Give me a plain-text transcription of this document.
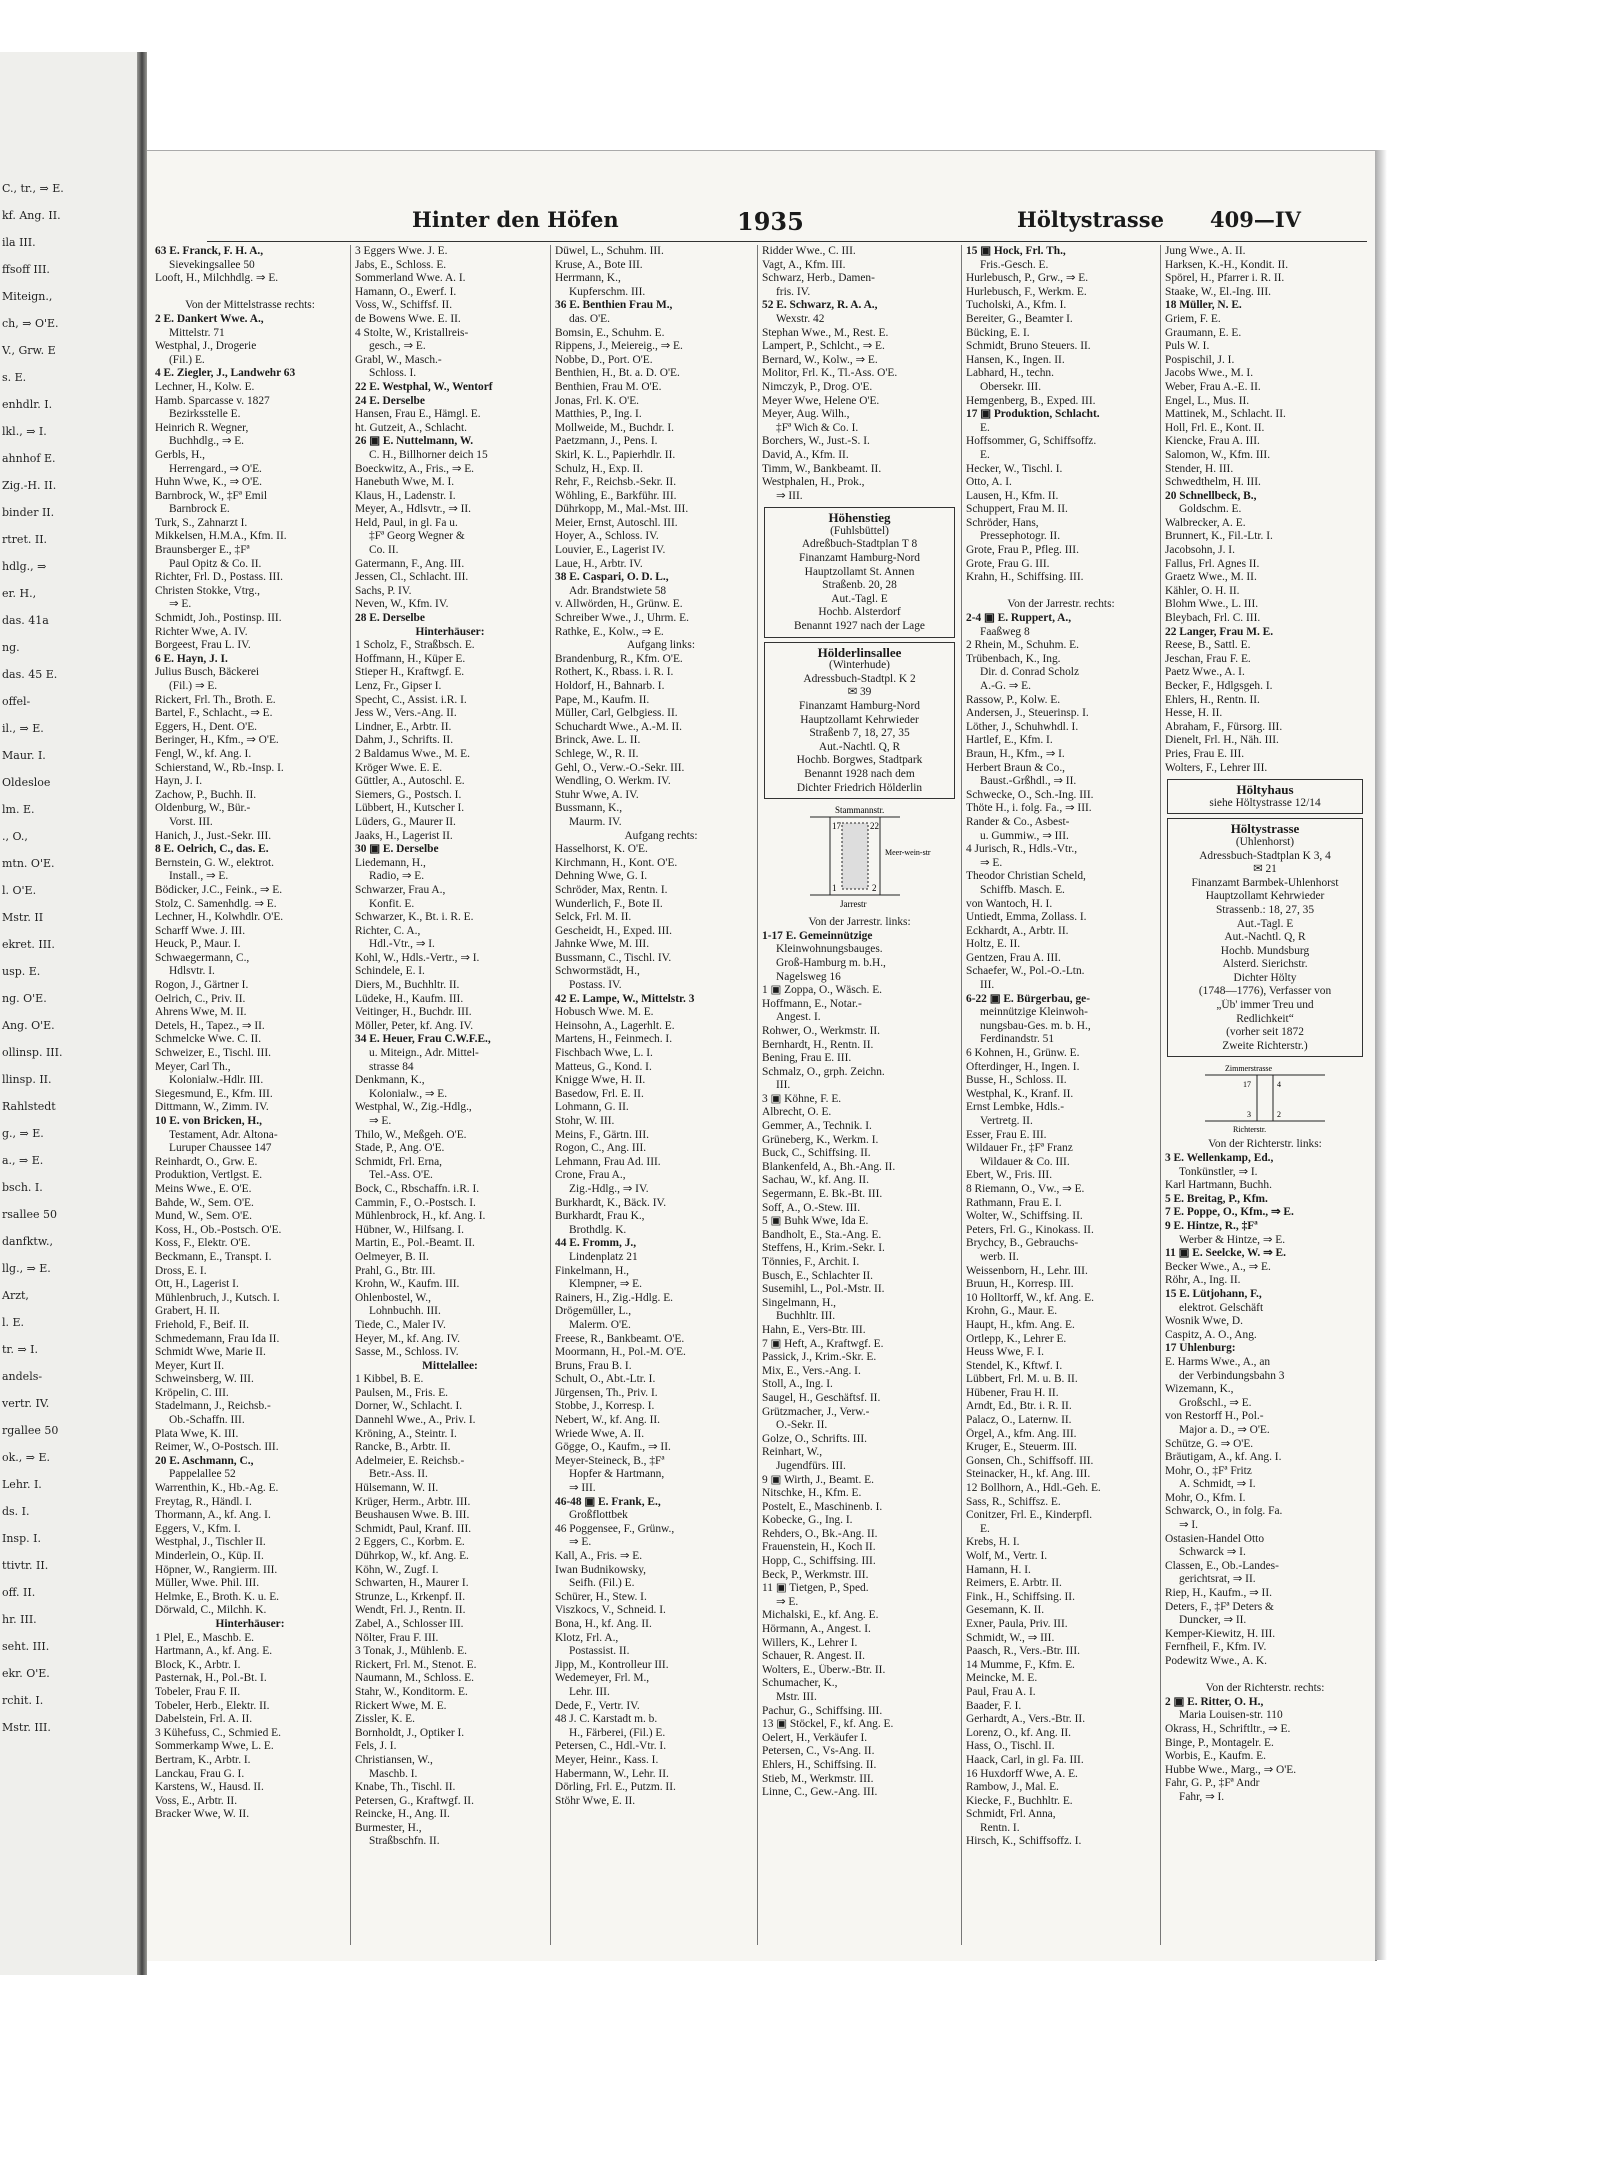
C., tr., ⇒ E.
kf. Ang. II.
ila III.
ffsoff III.
Miteign.,
ch, ⇒ O'E.
V., Grw. E
s. E.
enhdlr. I.
lkl., ⇒ I.
ahnhof E.
Zig.-H. II.
binder II.
rtret. II.
hdlg., ⇒
er. H.,
das. 41a
ng.
das. 45 E.
offel-
il., ⇒ E.
Maur. I.
Oldesloe
lm. E.
., O.,
mtn. O'E.
l. O'E.
Mstr. II
ekret. III.
usp. E.
ng. O'E.
Ang. O'E.
ollinsp. III.
llinsp. II.
Rahlstedt
g., ⇒ E.
a., ⇒ E.
bsch. I.
rsallee 50
danfktw.,
llg., ⇒ E.
Arzt,
l. E.
tr. ⇒ I.
andels-
vertr. IV.
rgallee 50
ok., ⇒ E.
Lehr. I.
ds. I.
Insp. I.
ttivtr. II.
off. II.
hr. III.
seht. III.
ekr. O'E.
rchit. I.
Mstr. III.
Hinter den Höfen	1935	Höltystrasse 409—IV
63 E. Franck, F. H. A.,
Sievekingsallee 50
Looft, H., Milchhdlg. ⇒ E.

Von der Mittelstrasse rechts:
2 E. Dankert Wwe. A.,
Mittelstr. 71
Westphal, J., Drogerie
(Fil.) E.
4 E. Ziegler, J., Landwehr 63
Lechner, H., Kolw. E.
Hamb. Sparcasse v. 1827
Bezirksstelle E.
Heinrich R. Wegner,
Buchhdlg., ⇒ E.
Gerbls, H.,
Herrengard., ⇒ O'E.
Huhn Wwe, K., ⇒ O'E.
Barnbrock, W., ‡Fª Emil
Barnbrock E.
Turk, S., Zahnarzt I.
Mikkelsen, H.M.A., Kfm. II.
Braunsberger E., ‡Fª
Paul Opitz & Co. II.
Richter, Frl. D., Postass. III.
Christen Stokke, Vtrg.,
⇒ E.
Schmidt, Joh., Postinsp. III.
Richter Wwe, A. IV.
Borgeest, Frau L. IV.
6 E. Hayn, J. I.
Julius Busch, Bäckerei
(Fil.) ⇒ E.
Rickert, Frl. Th., Broth. E.
Bartel, F., Schlacht., ⇒ E.
Eggers, H., Dent. O'E.
Beringer, H., Kfm., ⇒ O'E.
Fengl, W., kf. Ang. I.
Schierstand, W., Rb.-Insp. I.
Hayn, J. I.
Zachow, P., Buchh. II.
Oldenburg, W., Bür.-
Vorst. III.
Hanich, J., Just.-Sekr. III.
8 E. Oelrich, C., das. E.
Bernstein, G. W., elektrot.
Install., ⇒ E.
Bödicker, J.C., Feink., ⇒ E.
Stolz, C. Samenhdlg. ⇒ E.
Lechner, H., Kolwhdlr. O'E.
Scharff Wwe. J. III.
Heuck, P., Maur. I.
Schwaegermann, C.,
Hdlsvtr. I.
Rogon, J., Gärtner I.
Oelrich, C., Priv. II.
Ahrens Wwe, M. II.
Detels, H., Tapez., ⇒ II.
Schmelcke Wwe. C. II.
Schweizer, E., Tischl. III.
Meyer, Carl Th.,
Kolonialw.-Hdlr. III.
Siegesmund, E., Kfm. III.
Dittmann, W., Zimm. IV.
10 E. von Bricken, H.,
Testament, Adr. Altona-
Luruper Chaussee 147
Reinhardt, O., Grw. E.
Produktion, Vertlgst. E.
Meins Wwe., E. O'E.
Bahde, W., Sem. O'E.
Mund, W., Sem. O'E.
Koss, H., Ob.-Postsch. O'E.
Koss, F., Elektr. O'E.
Beckmann, E., Transpt. I.
Dross, E. I.
Ott, H., Lagerist I.
Mühlenbruch, J., Kutsch. I.
Grabert, H. II.
Friehold, F., Beif. II.
Schmedemann, Frau Ida II.
Schmidt Wwe, Marie II.
Meyer, Kurt II.
Schweinsberg, W. III.
Kröpelin, C. III.
Stadelmann, J., Reichsb.-
Ob.-Schaffn. III.
Plata Wwe, K. III.
Reimer, W., O-Postsch. III.
20 E. Aschmann, C.,
Pappelallee 52
Warrenthin, K., Hb.-Ag. E.
Freytag, R., Händl. I.
Thormann, A., kf. Ang. I.
Eggers, V., Kfm. I.
Westphal, J., Tischler II.
Minderlein, O., Küp. II.
Höpner, W., Rangierm. III.
Müller, Wwe. Phil. III.
Helmke, E., Broth. K. u. E.
Dörwald, C., Milchh. K.
Hinterhäuser:
1 Plel, E., Maschb. E.
Hartmann, A., kf. Ang. E.
Block, K., Arbtr. I.
Pasternak, H., Pol.-Bt. I.
Tobeler, Frau F. II.
Tobeler, Herb., Elektr. II.
Dabelstein, Frl. A. II.
3 Kühefuss, C., Schmied E.
Sommerkamp Wwe, L. E.
Bertram, K., Arbtr. I.
Lanckau, Frau G. I.
Karstens, W., Hausd. II.
Voss, E., Arbtr. II.
Bracker Wwe, W. II.
3 Eggers Wwe. J. E.
Jabs, E., Schloss. E.
Sommerland Wwe. A. I.
Hamann, O., Ewerf. I.
Voss, W., Schiffsf. II.
de Bowens Wwe. E. II.
4 Stolte, W., Kristallreis-
gesch., ⇒ E.
Grabl, W., Masch.-
Schloss. I.
22 E. Westphal, W., Wentorf
24 E. Derselbe
Hansen, Frau E., Hämgl. E.
ht. Gutzeit, A., Schlacht.
26 ▣ E. Nuttelmann, W.
C. H., Billhorner deich 15
Boeckwitz, A., Fris., ⇒ E.
Hanebuth Wwe, M. I.
Klaus, H., Ladenstr. I.
Meyer, A., Hdlsvtr., ⇒ II.
Held, Paul, in gl. Fa u.
‡Fª Georg Wegner &
Co. II.
Gatermann, F., Ang. III.
Jessen, Cl., Schlacht. III.
Sachs, P. IV.
Neven, W., Kfm. IV.
28 E. Derselbe
Hinterhäuser:
1 Scholz, F., Straßbsch. E.
Hoffmann, H., Küper E.
Stieper H., Kraftwgf. E.
Lenz, Fr., Gipser I.
Specht, C., Assist. i.R. I.
Jess W., Vers.-Ang. II.
Lindner, E., Arbtr. II.
Dahm, J., Schrifts. II.
2 Baldamus Wwe., M. E.
Kröger Wwe. E. E.
Güttler, A., Autoschl. E.
Siemers, G., Postsch. I.
Lübbert, H., Kutscher I.
Lüders, G., Maurer II.
Jaaks, H., Lagerist II.
30 ▣ E. Derselbe
Liedemann, H.,
Radio, ⇒ E.
Schwarzer, Frau A.,
Konfit. E.
Schwarzer, K., Bt. i. R. E.
Richter, C. A.,
Hdl.-Vtr., ⇒ I.
Kohl, W., Hdls.-Vertr., ⇒ I.
Schindele, E. I.
Diers, M., Buchhltr. II.
Lüdeke, H., Kaufm. III.
Veitinger, H., Buchdr. III.
Möller, Peter, kf. Ang. IV.
34 E. Heuer, Frau C.W.F.E.,
u. Miteign., Adr. Mittel-
strasse 84
Denkmann, K.,
Kolonialw., ⇒ E.
Westphal, W., Zig.-Hdlg.,
⇒ E.
Thilo, W., Meßgeh. O'E.
Stade, P., Ang. O'E.
Schmidt, Frl. Erna,
Tel.-Ass. O'E.
Bock, C., Rbschaffn. i.R. I.
Cammin, F., O.-Postsch. I.
Mühlenbrock, H., kf. Ang. I.
Hübner, W., Hilfsang. I.
Martin, E., Pol.-Beamt. II.
Oelmeyer, B. II.
Prahl, G., Btr. III.
Krohn, W., Kaufm. III.
Ohlenbostel, W.,
Lohnbuchh. III.
Tiede, C., Maler IV.
Heyer, M., kf. Ang. IV.
Sasse, M., Schloss. IV.
Mittelallee:
1 Kibbel, B. E.
Paulsen, M., Fris. E.
Dorner, W., Schlacht. I.
Dannehl Wwe., A., Priv. I.
Kröning, A., Steintr. I.
Rancke, B., Arbtr. II.
Adelmeier, E. Reichsb.-
Betr.-Ass. II.
Hülsemann, W. II.
Krüger, Herm., Arbtr. III.
Beushausen Wwe. B. III.
Schmidt, Paul, Kranf. III.
2 Eggers, C., Korbm. E.
Dührkop, W., kf. Ang. E.
Köhn, W., Zugf. I.
Schwarten, H., Maurer I.
Strunze, L., Krkenpf. II.
Wendt, Frl. J., Rentn. II.
Zabel, A., Schlosser III.
Nölter, Frau F. III.
3 Tonak, J., Mühlenb. E.
Rickert, Frl. M., Stenot. E.
Naumann, M., Schloss. E.
Stahr, W., Konditorm. E.
Rickert Wwe, M. E.
Zissler, K. E.
Bornholdt, J., Optiker I.
Fels, J. I.
Christiansen, W.,
Maschb. I.
Knabe, Th., Tischl. II.
Petersen, G., Kraftwgf. II.
Reincke, H., Ang. II.
Burmester, H.,
Straßbschfn. II.
Düwel, L., Schuhm. III.
Kruse, A., Bote III.
Herrmann, K.,
Kupferschm. III.
36 E. Benthien Frau M.,
das. O'E.
Bomsin, E., Schuhm. E.
Rippens, J., Meiereig., ⇒ E.
Nobbe, D., Port. O'E.
Benthien, H., Bt. a. D. O'E.
Benthien, Frau M. O'E.
Jonas, Frl. K. O'E.
Matthies, P., Ing. I.
Mollweide, M., Buchdr. I.
Paetzmann, J., Pens. I.
Skirl, K. L., Papierhdlr. II.
Schulz, H., Exp. II.
Rehr, F., Reichsb.-Sekr. II.
Wöhling, E., Barkführ. III.
Dührkopp, M., Mal.-Mst. III.
Meier, Ernst, Autoschl. III.
Hoyer, A., Schloss. IV.
Louvier, E., Lagerist IV.
Laue, H., Arbtr. IV.
38 E. Caspari, O. D. L.,
Adr. Brandstwiete 58
v. Allwörden, H., Grünw. E.
Schreiber Wwe., J., Uhrm. E.
Rathke, E., Kolw., ⇒ E.
Aufgang links:
Brandenburg, R., Kfm. O'E.
Rothert, K., Rbass. i. R. I.
Holdorf, H., Bahnarb. I.
Pape, M., Kaufm. II.
Müller, Carl, Gelbgiess. II.
Schuchardt Wwe., A.-M. II.
Brinck, Awe. L. II.
Schlege, W., R. II.
Gehl, O., Verw.-O.-Sekr. III.
Wendling, O. Werkm. IV.
Stuhr Wwe, A. IV.
Bussmann, K.,
Maurm. IV.
Aufgang rechts:
Hasselhorst, K. O'E.
Kirchmann, H., Kont. O'E.
Dehning Wwe, G. I.
Schröder, Max, Rentn. I.
Wunderlich, F., Bote II.
Selck, Frl. M. II.
Gescheidt, H., Exped. III.
Jahnke Wwe, M. III.
Bussmann, C., Tischl. IV.
Schwormstädt, H.,
Postass. IV.
42 E. Lampe, W., Mittelstr. 3
Hobusch Wwe. M. E.
Heinsohn, A., Lagerhlt. E.
Martens, H., Feinmech. I.
Fischbach Wwe, L. I.
Matteus, G., Kond. I.
Knigge Wwe, H. II.
Basedow, Frl. E. II.
Lohmann, G. II.
Stohr, W. III.
Meins, F., Gärtn. III.
Rogon, C., Ang. III.
Lehmann, Frau Ad. III.
Crone, Frau A.,
Zig.-Hdlg., ⇒ IV.
Burkhardt, K., Bäck. IV.
Burkhardt, Frau K.,
Brothdlg. K.
44 E. Fromm, J.,
Lindenplatz 21
Finkelmann, H.,
Klempner, ⇒ E.
Rainers, H., Zig.-Hdlg. E.
Drögemüller, L.,
Malerm. O'E.
Freese, R., Bankbeamt. O'E.
Moormann, H., Pol.-M. O'E.
Bruns, Frau B. I.
Schult, O., Abt.-Ltr. I.
Jürgensen, Th., Priv. I.
Stobbe, J., Korresp. I.
Nebert, W., kf. Ang. II.
Wriede Wwe, A. II.
Gögge, O., Kaufm., ⇒ II.
Meyer-Steineck, B., ‡Fª
Hopfer & Hartmann,
⇒ III.
46-48 ▣ E. Frank, E.,
Großflottbek
46 Poggensee, F., Grünw.,
⇒ E.
Kall, A., Fris. ⇒ E.
Iwan Budnikowsky,
Seifh. (Fil.) E.
Schürer, H., Stew. I.
Viszkocs, V., Schneid. I.
Bona, H., kf. Ang. II.
Klotz, Frl. A.,
Postassist. II.
Jipp, M., Kontrolleur III.
Wedemeyer, Frl. M.,
Lehr. III.
Dede, F., Vertr. IV.
48 J. C. Karstadt m. b.
H., Färberei, (Fil.) E.
Petersen, C., Hdl.-Vtr. I.
Meyer, Heinr., Kass. I.
Habermann, W., Lehr. II.
Dörling, Frl. E., Putzm. II.
Stöhr Wwe, E. II.
Ridder Wwe., C. III.
Vagt, A., Kfm. III.
Schwarz, Herb., Damen-
fris. IV.
52 E. Schwarz, R. A. A.,
Wexstr. 42
Stephan Wwe., M., Rest. E.
Lampert, P., Schlcht., ⇒ E.
Bernard, W., Kolw., ⇒ E.
Molitor, Frl. K., Tl.-Ass. O'E.
Nimczyk, P., Drog. O'E.
Meyer Wwe, Helene O'E.
Meyer, Aug. Wilh.,
‡Fª Wich & Co. I.
Borchers, W., Just.-S. I.
David, A., Kfm. II.
Timm, W., Bankbeamt. II.
Westphalen, H., Prok.,
⇒ III.
Höhenstieg
(Fuhlsbüttel)
Adreßbuch-Stadtplan T 8
Finanzamt Hamburg-Nord
Hauptzollamt St. Annen
Straßenb. 20, 28
Aut.-Tagl. E
Hochb. Alsterdorf
Benannt 1927 nach der Lage
Hölderlinsallee
(Winterhude)
Adressbuch-Stadtpl. K 2
✉ 39
Finanzamt Hamburg-Nord
Hauptzollamt Kehrwieder
Straßenb 7, 18, 27, 35
Aut.-Nachtl. Q, R
Hochb. Borgwes, Stadtpark
Benannt 1928 nach dem
Dichter Friedrich Hölderlin
Stammannstr.
17	22
1	2
Meer-wein-str
Jarrestr
Von der Jarrestr. links:
1-17 E. Gemeinnützige
Kleinwohnungsbauges.
Groß-Hamburg m. b.H.,
Nagelsweg 16
1 ▣ Zoppa, O., Wäsch. E.
Hoffmann, E., Notar.-
Angest. I.
Rohwer, O., Werkmstr. II.
Bernhardt, H., Rentn. II.
Bening, Frau E. III.
Schmalz, O., grph. Zeichn.
III.
3 ▣ Köhne, F. E.
Albrecht, O. E.
Gemmer, A., Technik. I.
Grüneberg, K., Werkm. I.
Buck, C., Schiffsing. II.
Blankenfeld, A., Bh.-Ang. II.
Sachau, W., kf. Ang. II.
Segermann, E. Bk.-Bt. III.
Soff, A., O.-Stew. III.
5 ▣ Buhk Wwe, Ida E.
Bandholt, E., Sta.-Ang. E.
Steffens, H., Krim.-Sekr. I.
Tönnies, F., Archit. I.
Busch, E., Schlachter II.
Susemihl, L., Pol.-Mstr. II.
Singelmann, H.,
Buchhltr. III.
Hahn, E., Vers-Btr. III.
7 ▣ Heft, A., Kraftwgf. E.
Passick, J., Krim.-Skr. E.
Mix, E., Vers.-Ang. I.
Stoll, A., Ing. I.
Saugel, H., Geschäftsf. II.
Grützmacher, J., Verw.-
O.-Sekr. II.
Golze, O., Schrifts. III.
Reinhart, W.,
Jugendfürs. III.
9 ▣ Wirth, J., Beamt. E.
Nitschke, H., Kfm. E.
Postelt, E., Maschinenb. I.
Kobecke, G., Ing. I.
Rehders, O., Bk.-Ang. II.
Frauenstein, H., Koch II.
Hopp, C., Schiffsing. III.
Beck, P., Werkmstr. III.
11 ▣ Tietgen, P., Sped.
⇒ E.
Michalski, E., kf. Ang. E.
Hörmann, A., Angest. I.
Willers, K., Lehrer I.
Schauer, R. Angest. II.
Wolters, E., Überw.-Btr. II.
Schumacher, K.,
Mstr. III.
Pachur, G., Schiffsing. III.
13 ▣ Stöckel, F., kf. Ang. E.
Oelert, H., Verkäufer I.
Petersen, C., Vs-Ang. II.
Ehlers, H., Schiffsing. II.
Stieb, M., Werkmstr. III.
Linne, C., Gew.-Ang. III.
15 ▣ Hock, Frl. Th.,
Fris.-Gesch. E.
Hurlebusch, P., Grw., ⇒ E.
Hurlebusch, F., Werkm. E.
Tucholski, A., Kfm. I.
Bereiter, G., Beamter I.
Bücking, E. I.
Schmidt, Bruno Steuers. II.
Hansen, K., Ingen. II.
Labhard, H., techn.
Obersekr. III.
Hemgenberg, B., Exped. III.
17 ▣ Produktion, Schlacht.
E.
Hoffsommer, G, Schiffsoffz.
E.
Hecker, W., Tischl. I.
Otto, A. I.
Lausen, H., Kfm. II.
Schuppert, Frau M. II.
Schröder, Hans,
Pressephotogr. II.
Grote, Frau P., Pfleg. III.
Grote, Frau G. III.
Krahn, H., Schiffsing. III.

Von der Jarrestr. rechts:
2-4 ▣ E. Ruppert, A.,
Faaßweg 8
2 Rhein, M., Schuhm. E.
Trübenbach, K., Ing.
Dir. d. Conrad Scholz
A.-G. ⇒ E.
Rassow, P., Kolw. E.
Andersen, J., Steuerinsp. I.
Löther, J., Schuhwhdl. I.
Hartlef, E., Kfm. I.
Braun, H., Kfm., ⇒ I.
Herbert Braun & Co.,
Baust.-Grßhdl., ⇒ II.
Schwecke, O., Sch.-Ing. III.
Thöte H., i. folg. Fa., ⇒ III.
Rander & Co., Asbest-
u. Gummiw., ⇒ III.
4 Jurisch, R., Hdls.-Vtr.,
⇒ E.
Theodor Christian Scheld,
Schiffb. Masch. E.
von Wantoch, H. I.
Untiedt, Emma, Zollass. I.
Eckhardt, A., Arbtr. II.
Holtz, E. II.
Gentzen, Frau A. III.
Schaefer, W., Pol.-O.-Ltn.
III.
6-22 ▣ E. Bürgerbau, ge-
meinnützige Kleinwoh-
nungsbau-Ges. m. b. H.,
Ferdinandstr. 51
6 Kohnen, H., Grünw. E.
Ofterdinger, H., Ingen. I.
Busse, H., Schloss. II.
Westphal, K., Kranf. II.
Ernst Lembke, Hdls.-
Vertretg. II.
Esser, Frau E. III.
Wildauer Fr., ‡Fª Franz
Wildauer & Co. III.
Ebert, W., Fris. III.
8 Riemann, O., Vw., ⇒ E.
Rathmann, Frau E. I.
Wolter, W., Schiffsing. II.
Peters, Frl. G., Kinokass. II.
Brychcy, B., Gebrauchs-
werb. II.
Weissenborn, H., Lehr. III.
Bruun, H., Korresp. III.
10 Holltorff, W., kf. Ang. E.
Krohn, G., Maur. E.
Haupt, H., kfm. Ang. E.
Ortlepp, K., Lehrer E.
Heuss Wwe, F. I.
Stendel, K., Kftwf. I.
Lübbert, Frl. M. u. B. II.
Hübener, Frau H. II.
Arndt, Ed., Btr. i. R. II.
Palacz, O., Laternw. II.
Örgel, A., kfm. Ang. III.
Kruger, E., Steuerm. III.
Gonsen, Ch., Schiffsoff. III.
Steinacker, H., kf. Ang. III.
12 Bollhorn, A., Hdl.-Geh. E.
Sass, R., Schiffsz. E.
Conitzer, Frl. E., Kinderpfl.
E.
Krebs, H. I.
Wolf, M., Vertr. I.
Hamann, H. I.
Reimers, E. Arbtr. II.
Fink., H., Schiffsing. II.
Gesemann, K. II.
Exner, Paula, Priv. III.
Schmidt, W., ⇒ III.
Paasch, R., Vers.-Btr. III.
14 Mumme, F., Kfm. E.
Meincke, M. E.
Paul, Frau A. I.
Baader, F. I.
Gerhardt, A., Vers.-Btr. II.
Lorenz, O., kf. Ang. II.
Hass, O., Tischl. II.
Haack, Carl, in gl. Fa. III.
16 Huxdorff Wwe, A. E.
Rambow, J., Mal. E.
Kiecke, F., Buchhltr. E.
Schmidt, Frl. Anna,
Rentn. I.
Hirsch, K., Schiffsoffz. I.
Jung Wwe., A. II.
Harksen, K.-H., Kondit. II.
Spörel, H., Pfarrer i. R. II.
Staake, W., El.-Ing. III.
18 Müller, N. E.
Griem, F. E.
Graumann, E. E.
Puls W. I.
Pospischil, J. I.
Jacobs Wwe., M. I.
Weber, Frau A.-E. II.
Engel, L., Mus. II.
Mattinek, M., Schlacht. II.
Holl, Frl. E., Kont. II.
Kiencke, Frau A. III.
Salomon, W., Kfm. III.
Stender, H. III.
Schwedthelm, H. III.
20 Schnellbeck, B.,
Goldschm. E.
Walbrecker, A. E.
Brunnert, K., Fil.-Ltr. I.
Jacobsohn, J. I.
Fallus, Frl. Agnes II.
Graetz Wwe., M. II.
Kähler, O. H. II.
Blohm Wwe., L. III.
Bleybach, Frl. C. III.
22 Langer, Frau M. E.
Reese, B., Sattl. E.
Jeschan, Frau F. E.
Paetz Wwe., A. I.
Becker, F., Hdlgsgeh. I.
Ehlers, H., Rentn. II.
Hesse, H. II.
Abraham, F., Fürsorg. III.
Dienelt, Frl. H., Näh. III.
Pries, Frau E. III.
Wolters, F., Lehrer III.
Höltyhaus
siehe Höltystrasse 12/14
Höltystrasse
(Uhlenhorst)
Adressbuch-Stadtplan K 3, 4
✉ 21
Finanzamt Barmbek-Uhlenhorst
Hauptzollamt Kehrwieder
Strassenb.: 18, 27, 35
Aut.-Tagl. E
Aut.-Nachtl. Q, R
Hochb. Mundsburg
Alsterd. Sierichstr.
Dichter Hölty
(1748—1776), Verfasser von
„Üb' immer Treu und
Redlichkeit“
(vorher seit 1872
Zweite Richterstr.)
Zimmerstrasse
17	4
3	2
Richterstr.
Von der Richterstr. links:
3 E. Wellenkamp, Ed.,
Tonkünstler, ⇒ I.
Karl Hartmann, Buchh.
5 E. Breitag, P., Kfm.
7 E. Poppe, O., Kfm., ⇒ E.
9 E. Hintze, R., ‡Fª
Werber & Hintze, ⇒ E.
11 ▣ E. Seelcke, W. ⇒ E.
Becker Wwe., A., ⇒ E.
Röhr, A., Ing. II.
15 E. Lütjohann, F.,
elektrot. Gelschäft
Wosnik Wwe, D.
Caspitz, A. O., Ang.
17 Uhlenburg:
E. Harms Wwe., A., an
der Verbindungsbahn 3
Wizemann, K.,
Großschl., ⇒ E.
von Restorff H., Pol.-
Major a. D., ⇒ O'E.
Schütze, G. ⇒ O'E.
Bräutigam, A., kf. Ang. I.
Mohr, O., ‡Fª Fritz
A. Schmidt, ⇒ I.
Mohr, O., Kfm. I.
Schwarck, O., in folg. Fa.
⇒ I.
Ostasien-Handel Otto
Schwarck ⇒ I.
Classen, E., Ob.-Landes-
gerichtsrat, ⇒ II.
Riep, H., Kaufm., ⇒ II.
Deters, F., ‡Fª Deters &
Duncker, ⇒ II.
Kemper-Kiewitz, H. III.
Fernfheil, F., Kfm. IV.
Podewitz Wwe., A. K.

Von der Richterstr. rechts:
2 ▣ E. Ritter, O. H.,
Maria Louisen-str. 110
Okrass, H., Schriftltr., ⇒ E.
Binge, P., Montagelr. E.
Worbis, E., Kaufm. E.
Hubbe Wwe., Marg., ⇒ O'E.
Fahr, G. P., ‡Fª Andr
Fahr, ⇒ I.
